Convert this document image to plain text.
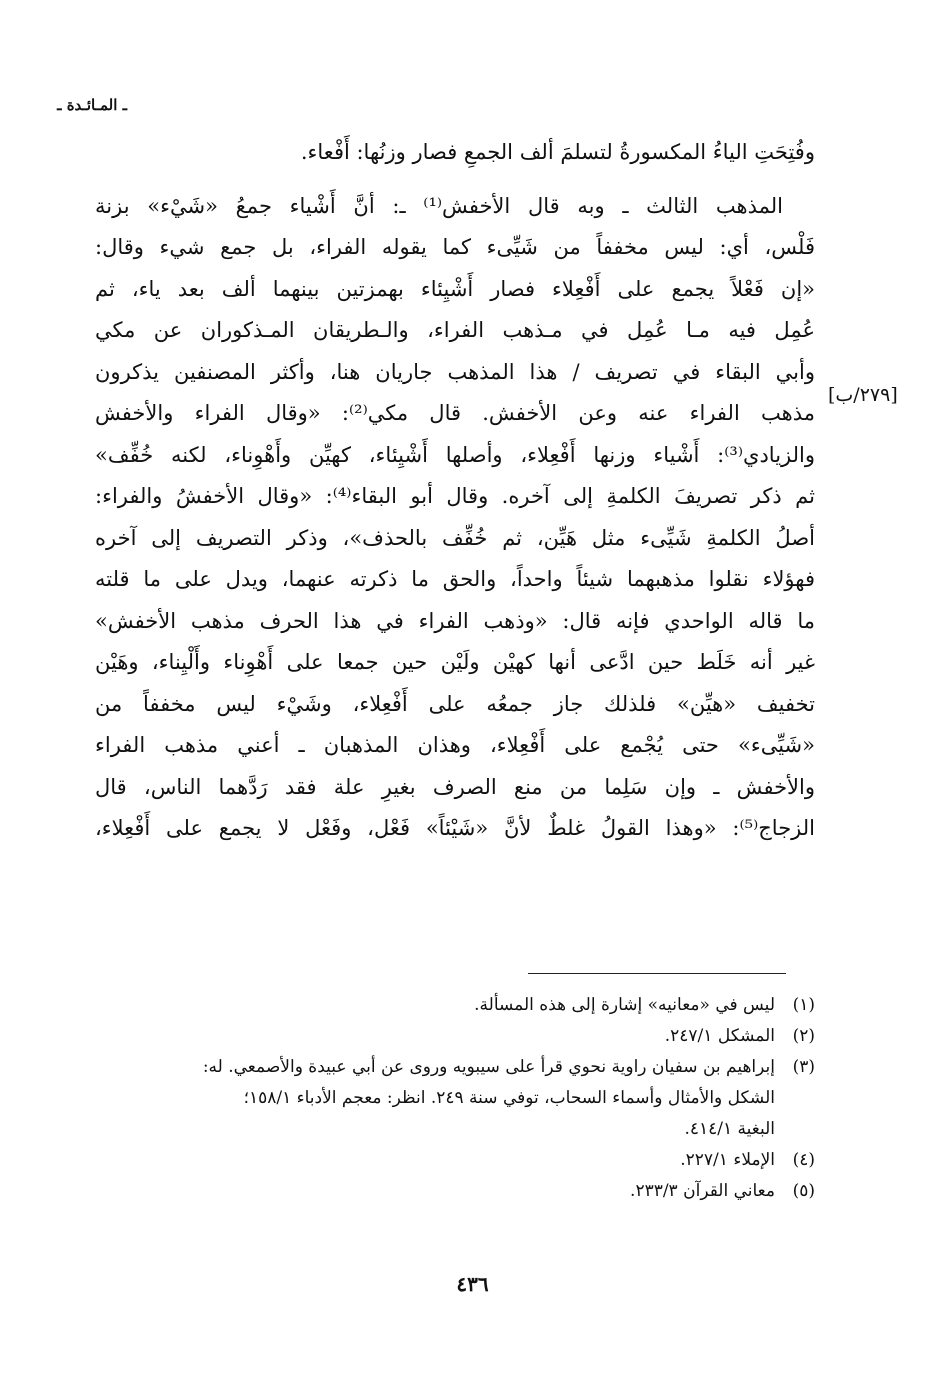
ـ المـائـدة ـ
[٢٧٩/ب]
وفُتِحَتِ الياءُ المكسورةُ لتسلمَ ألف الجمعِ فصار وزنُها: أَفْعاء.
المذهب الثالث ـ وبه قال الأخفش⁽¹⁾ ـ: أنَّ أَشْياء جمعُ «شَيْء» بزنة
فَلْس، أي: ليس مخففاً من شَيِّىء كما يقوله الفراء، بل جمع شيء وقال:
«إن فَعْلاً يجمع على أَفْعِلاء فصار أَشْيِئاء بهمزتين بينهما ألف بعد ياء، ثم
عُمِل فيه مـا عُمِل في مـذهب الفراء، والـطريقان المـذكوران عن مكي
وأبي البقاء في تصريف / هذا المذهب جاريان هنا، وأكثر المصنفين يذكرون
مذهب الفراء عنه وعن الأخفش. قال مكي⁽²⁾: «وقال الفراء والأخفش
والزيادي⁽³⁾: أَشْياء وزنها أَفْعِلاء، وأصلها أَشْيِئاء، كهيِّن وأَهْوِناء، لكنه خُفِّف»
ثم ذكر تصريفَ الكلمةِ إلى آخره. وقال أبو البقاء⁽⁴⁾: «وقال الأخفشُ والفراء:
أصلُ الكلمةِ شَيِّىء مثل هَيِّن، ثم خُفِّف بالحذف»، وذكر التصريف إلى آخره
فهؤلاء نقلوا مذهبهما شيئاً واحداً، والحق ما ذكرته عنهما، ويدل على ما قلته
ما قاله الواحدي فإنه قال: «وذهب الفراء في هذا الحرف مذهب الأخفش»
غير أنه خَلَط حين ادَّعى أنها كهيْن ولَيْن حين جمعا على أَهْوِناء وأَلْيِناء، وهَيْن
تخفيف «هيِّن» فلذلك جاز جمعُه على أَفْعِلاء، وشَيْء ليس مخففاً من
«شَيِّىء» حتى يُجْمع على أَفْعِلاء، وهذان المذهبان ـ أعني مذهب الفراء
والأخفش ـ وإن سَلِما من منع الصرف بغيرِ علة فقد رَدَّهما الناس، قال
الزجاج⁽⁵⁾: «وهذا القولُ غلطٌ لأنَّ «شَيْئاً» فَعْل، وفَعْل لا يجمع على أَفْعِلاء،
(١)ليس في «معانيه» إشارة إلى هذه المسألة.
(٢)المشكل ٢٤٧/١.
(٣)إبراهيم بن سفيان راوية نحوي قرأ على سيبويه وروى عن أبي عبيدة والأصمعي. له:
الشكل والأمثال وأسماء السحاب، توفي سنة ٢٤٩. انظر: معجم الأدباء ١٥٨/١؛
البغية ٤١٤/١.
(٤)الإملاء ٢٢٧/١.
(٥)معاني القرآن ٢٣٣/٣.
٤٣٦
